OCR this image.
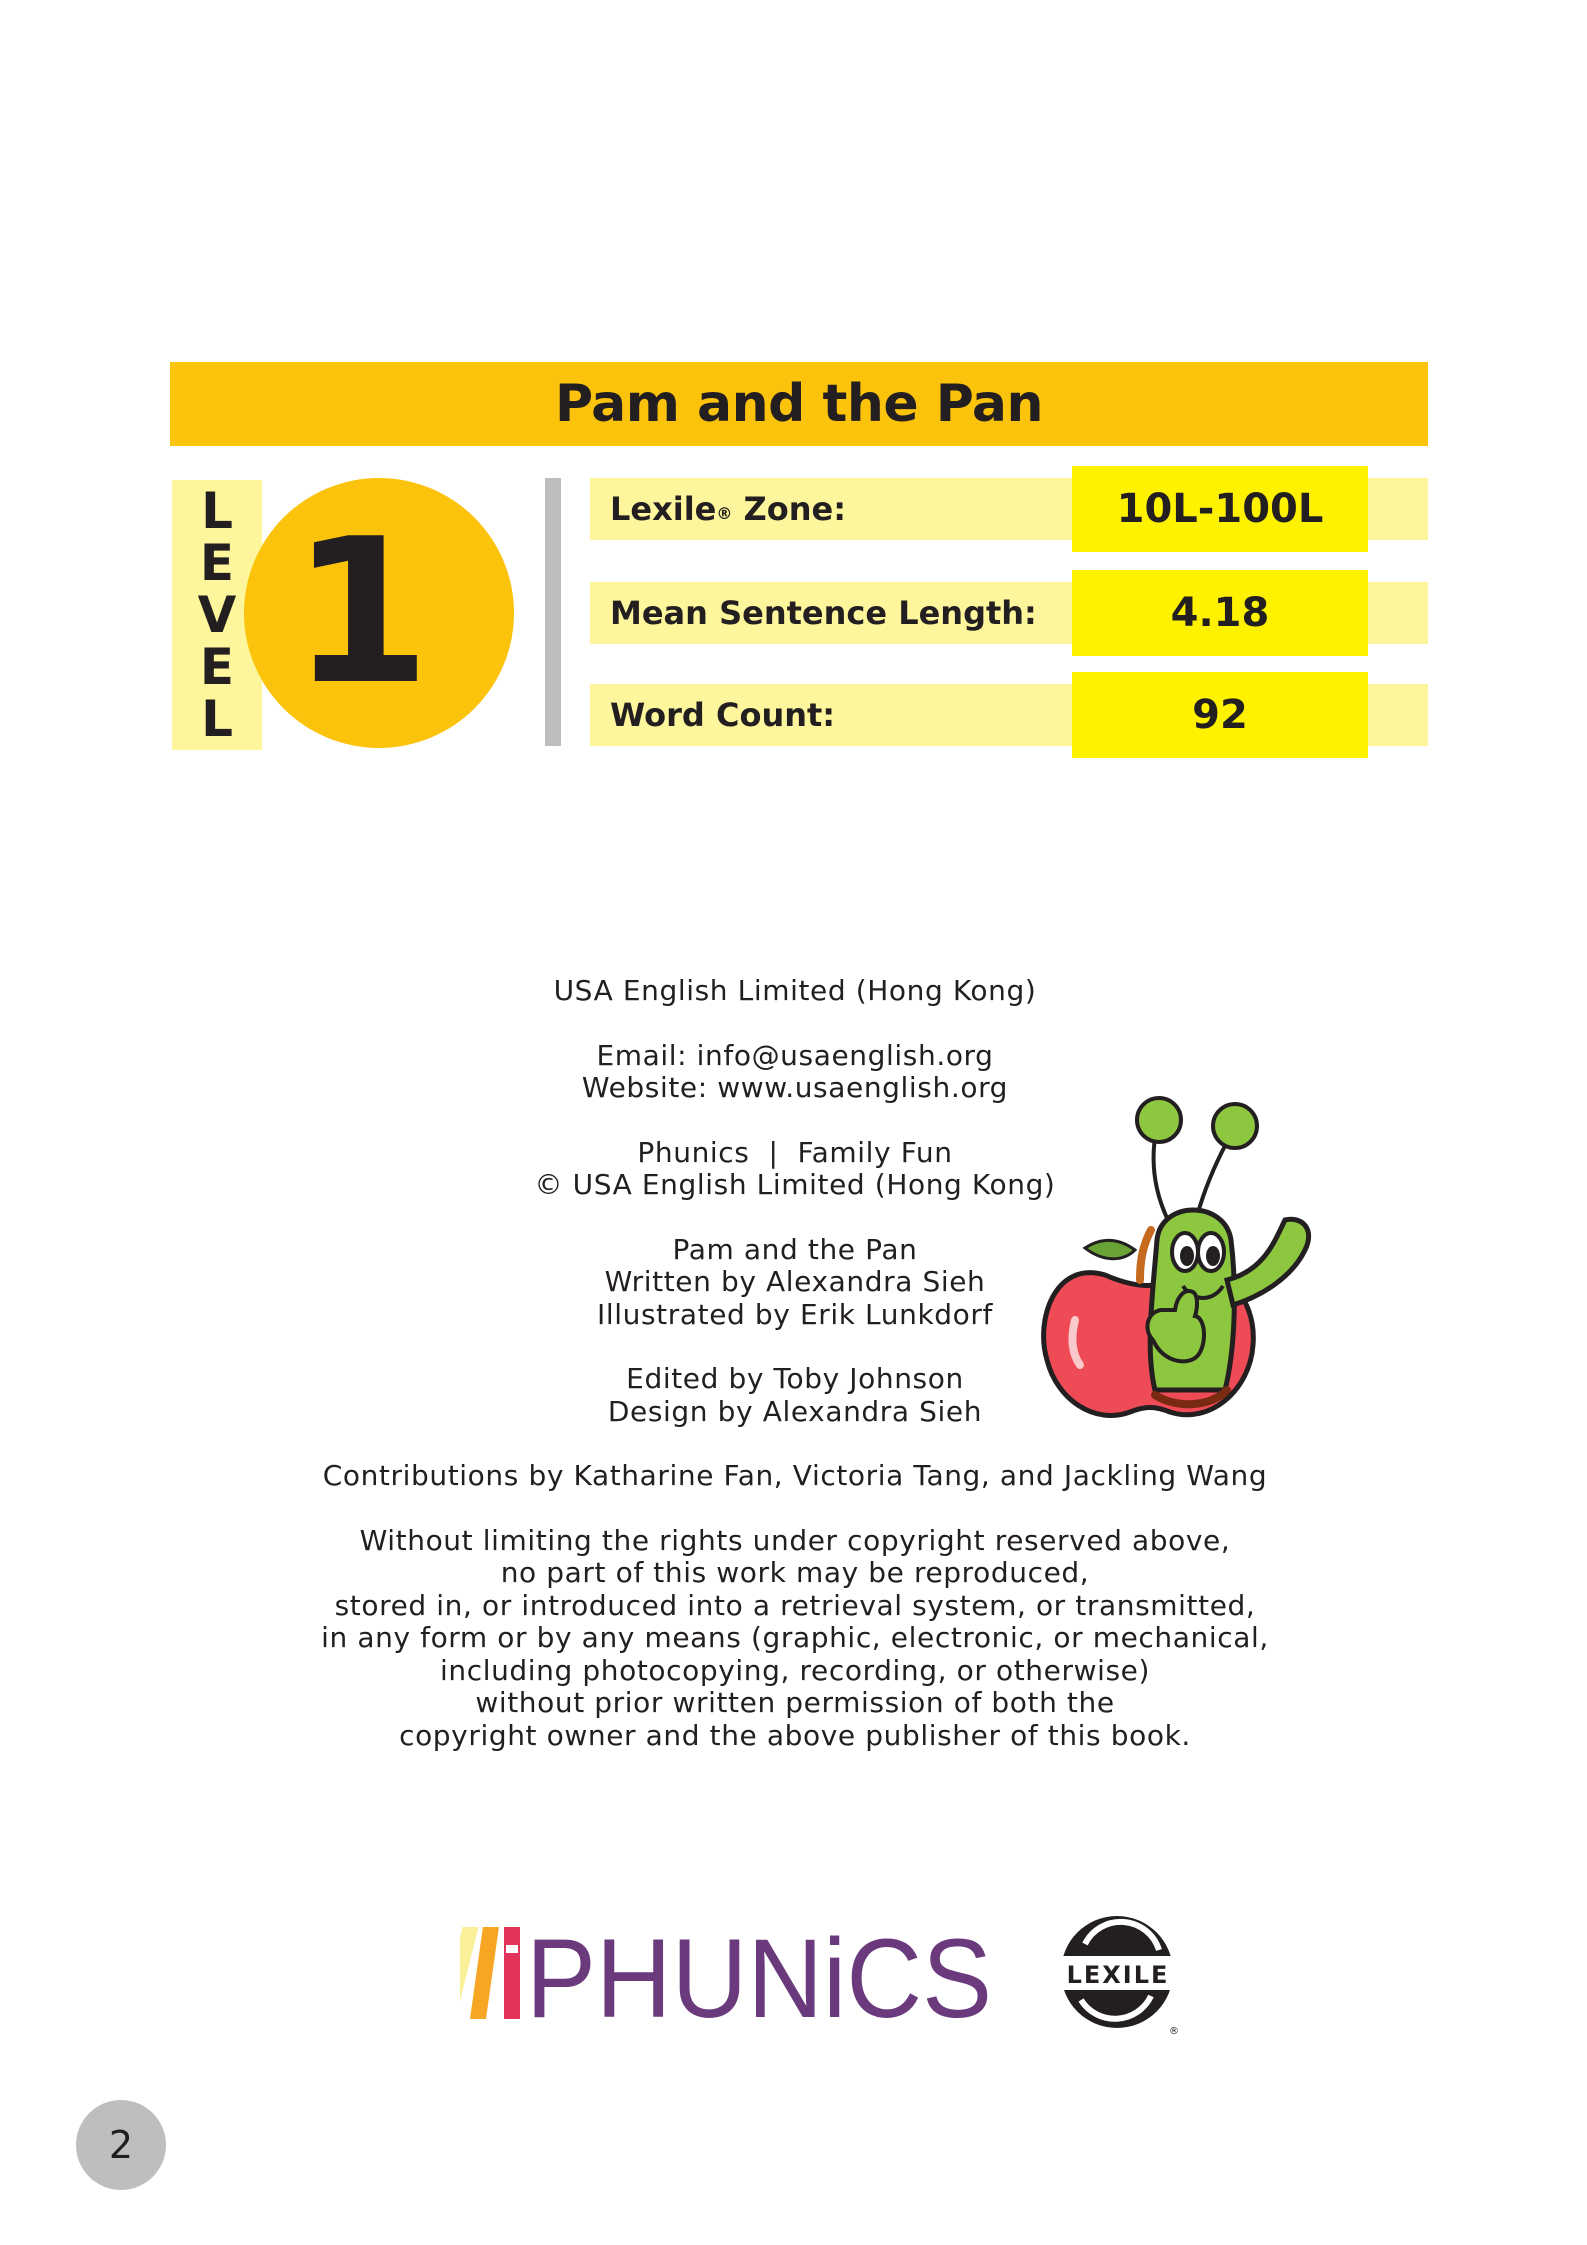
Pam and the Pan
L
E
V
E
L 1	Lexile® Zone:	10L-100L
Mean Sentence Length:	4.18
Word Count:	92

USA English Limited (Hong Kong)

Email: info@usaenglish.org
Website: www.usaenglish.org

Phunics  |  Family Fun
© USA English Limited (Hong Kong)

Pam and the Pan
Written by Alexandra Sieh
Illustrated by Erik Lunkdorf

Edited by Toby Johnson
Design by Alexandra Sieh

Contributions by Katharine Fan, Victoria Tang, and Jackling Wang

Without limiting the rights under copyright reserved above,
no part of this work may be reproduced,
stored in, or introduced into a retrieval system, or transmitted,
in any form or by any means (graphic, electronic, or mechanical,
including photocopying, recording, or otherwise)
without prior written permission of both the
copyright owner and the above publisher of this book.

PHUNiCS	LEXILE
®
2
